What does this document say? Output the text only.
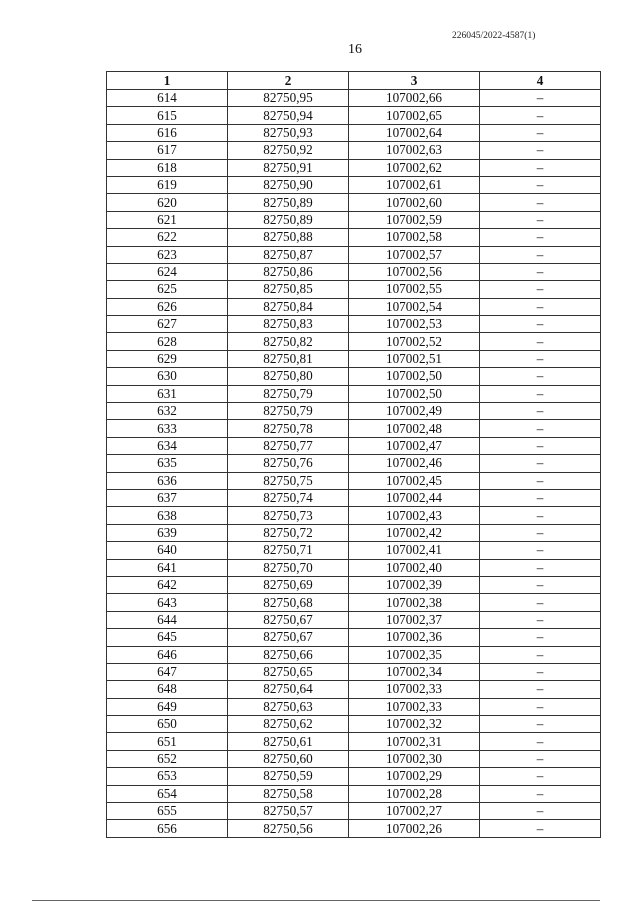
226045/2022-4587(1)
16
1	2	3	4
614	82750,95	107002,66	–
615	82750,94	107002,65	–
616	82750,93	107002,64	–
617	82750,92	107002,63	–
618	82750,91	107002,62	–
619	82750,90	107002,61	–
620	82750,89	107002,60	–
621	82750,89	107002,59	–
622	82750,88	107002,58	–
623	82750,87	107002,57	–
624	82750,86	107002,56	–
625	82750,85	107002,55	–
626	82750,84	107002,54	–
627	82750,83	107002,53	–
628	82750,82	107002,52	–
629	82750,81	107002,51	–
630	82750,80	107002,50	–
631	82750,79	107002,50	–
632	82750,79	107002,49	–
633	82750,78	107002,48	–
634	82750,77	107002,47	–
635	82750,76	107002,46	–
636	82750,75	107002,45	–
637	82750,74	107002,44	–
638	82750,73	107002,43	–
639	82750,72	107002,42	–
640	82750,71	107002,41	–
641	82750,70	107002,40	–
642	82750,69	107002,39	–
643	82750,68	107002,38	–
644	82750,67	107002,37	–
645	82750,67	107002,36	–
646	82750,66	107002,35	–
647	82750,65	107002,34	–
648	82750,64	107002,33	–
649	82750,63	107002,33	–
650	82750,62	107002,32	–
651	82750,61	107002,31	–
652	82750,60	107002,30	–
653	82750,59	107002,29	–
654	82750,58	107002,28	–
655	82750,57	107002,27	–
656	82750,56	107002,26	–
